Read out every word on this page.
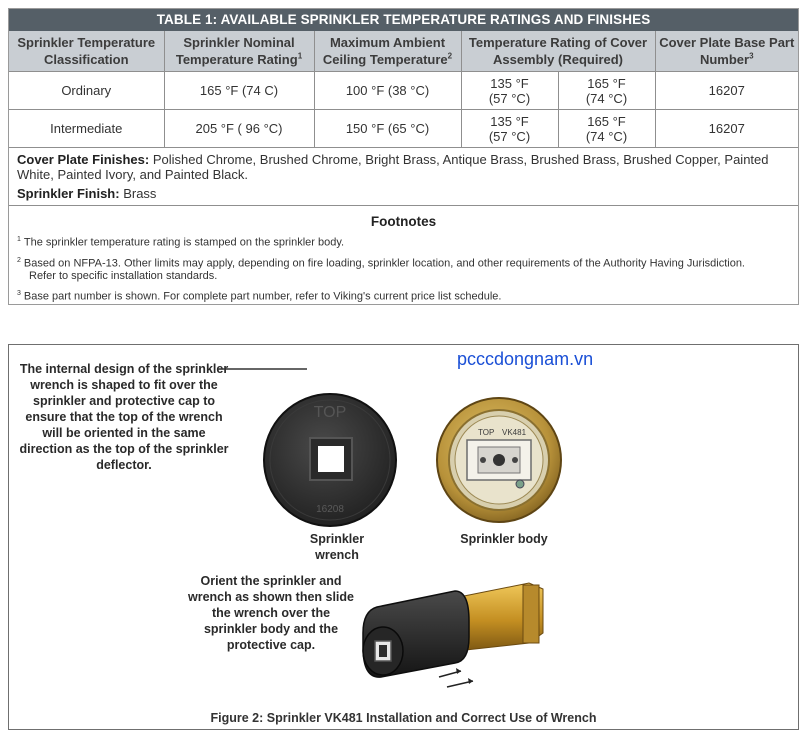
TABLE 1: AVAILABLE SPRINKLER TEMPERATURE RATINGS AND FINISHES
Sprinkler Temperature Classification	Sprinkler Nominal Temperature Rating$^1$	Maximum Ambient Ceiling Temperature$^2$	Temperature Rating of Cover Assembly (Required)		Cover Plate Base Part Number$^3$
Ordinary	165 °F (74 C)	100 °F (38 °C)	135 °F
(57 °C)	165 °F
(74 °C)	16207
Intermediate	205 °F ( 96 °C)	150 °F (65 °C)	135 °F
(57 °C)	165 °F
(74 °C)	16207
Cover Plate Finishes: Polished Chrome, Brushed Chrome, Bright Brass, Antique Brass, Brushed Brass, Brushed Copper, Painted White, Painted Ivory, and Painted Black.
Sprinkler Finish: Brass
Footnotes
$^1$ The sprinkler temperature rating is stamped on the sprinkler body.
$^2$ Based on NFPA-13. Other limits may apply, depending on fire loading, sprinkler location, and other requirements of the Authority Having Jurisdiction.
Refer to specific installation standards.
$^3$ Base part number is shown. For complete part number, refer to Viking's current price list schedule.
pcccdongnam.vn
The internal design of the sprinkler wrench is shaped to fit over the sprinkler and protective cap to ensure that the top of the wrench will be oriented in the same direction as the top of the sprinkler deflector.
TOP
16208
TOP VK481
Sprinkler wrench
Sprinkler body
Orient the sprinkler and wrench as shown then slide the wrench over the sprinkler body and the protective cap.
Figure 2: Sprinkler VK481 Installation and Correct Use of Wrench
